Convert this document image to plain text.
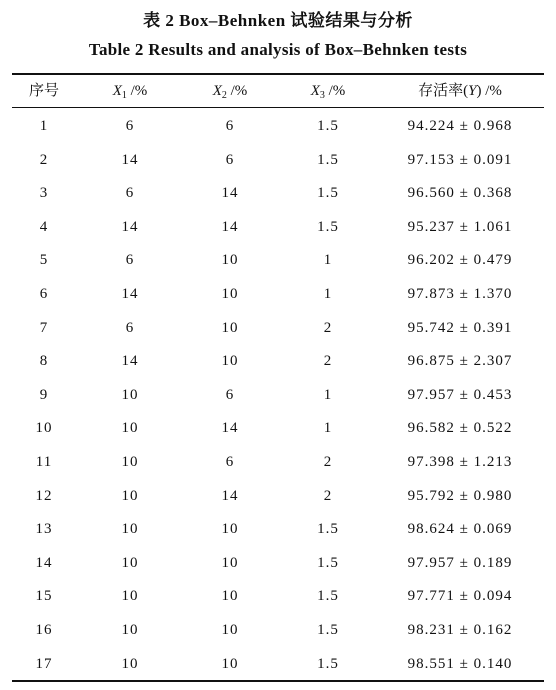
表 2 Box–Behnken 试验结果与分析
Table 2 Results and analysis of Box–Behnken tests
序号	$X_1$ /%	$X_2$ /%	$X_3$ /%	存活率(Y) /%
1	6	6	1.5	94.224 ± 0.968
2	14	6	1.5	97.153 ± 0.091
3	6	14	1.5	96.560 ± 0.368
4	14	14	1.5	95.237 ± 1.061
5	6	10	1	96.202 ± 0.479
6	14	10	1	97.873 ± 1.370
7	6	10	2	95.742 ± 0.391
8	14	10	2	96.875 ± 2.307
9	10	6	1	97.957 ± 0.453
10	10	14	1	96.582 ± 0.522
11	10	6	2	97.398 ± 1.213
12	10	14	2	95.792 ± 0.980
13	10	10	1.5	98.624 ± 0.069
14	10	10	1.5	97.957 ± 0.189
15	10	10	1.5	97.771 ± 0.094
16	10	10	1.5	98.231 ± 0.162
17	10	10	1.5	98.551 ± 0.140
